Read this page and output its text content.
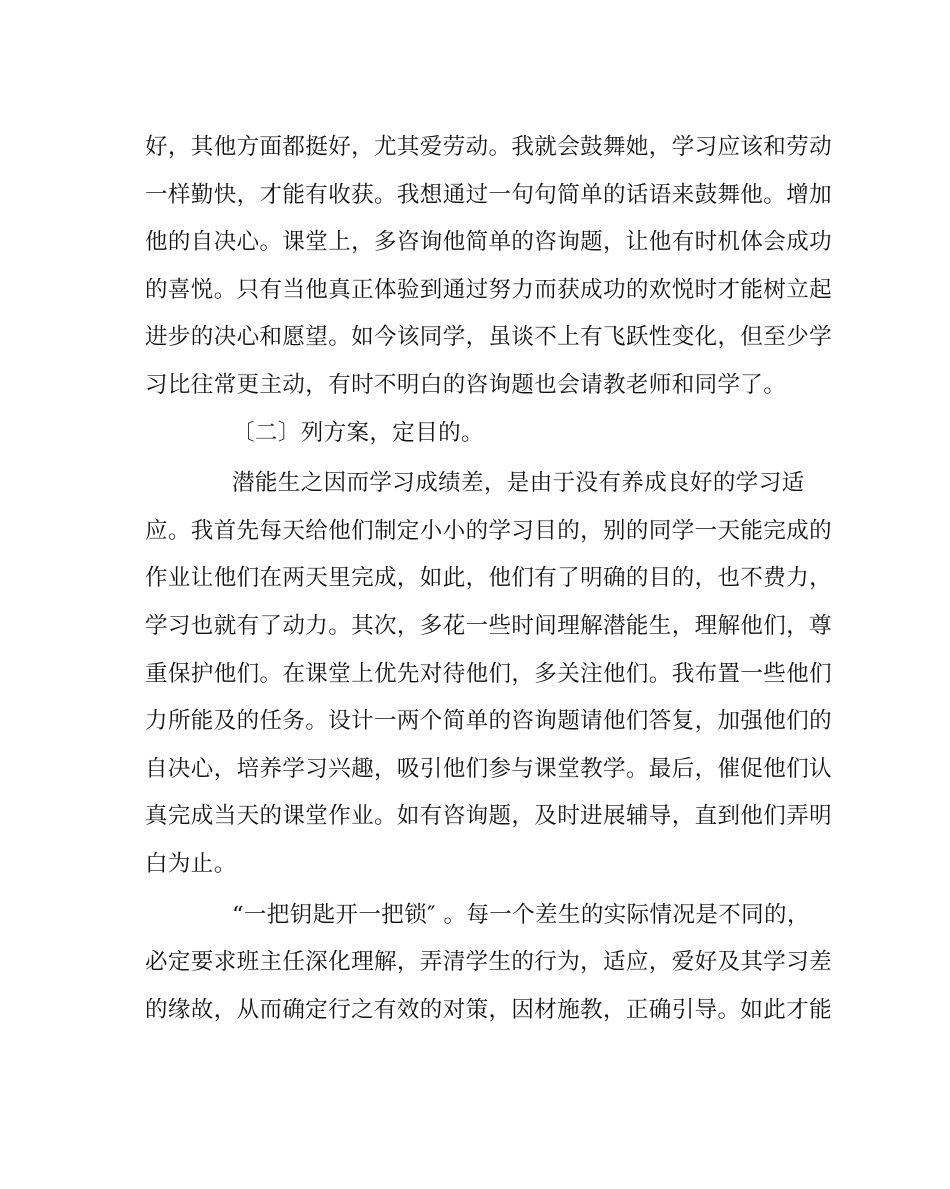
好，其他方面都挺好，尤其爱劳动。我就会鼓舞她，学习应该和劳动
一样勤快，才能有收获。我想通过一句句简单的话语来鼓舞他。增加
他的自决心。课堂上，多咨询他简单的咨询题，让他有时机体会成功
的喜悦。只有当他真正体验到通过努力而获成功的欢悦时才能树立起
进步的决心和愿望。如今该同学，虽谈不上有飞跃性变化，但至少学
习比往常更主动，有时不明白的咨询题也会请教老师和同学了。
〔二〕列方案，定目的。
潜能生之因而学习成绩差，是由于没有养成良好的学习适
应。我首先每天给他们制定小小的学习目的，别的同学一天能完成的
作业让他们在两天里完成，如此，他们有了明确的目的，也不费力，
学习也就有了动力。其次，多花一些时间理解潜能生，理解他们，尊
重保护他们。在课堂上优先对待他们，多关注他们。我布置一些他们
力所能及的任务。设计一两个简单的咨询题请他们答复，加强他们的
自决心，培养学习兴趣，吸引他们参与课堂教学。最后，催促他们认
真完成当天的课堂作业。如有咨询题，及时进展辅导，直到他们弄明
白为止。
“一把钥匙开一把锁″ 。每一个差生的实际情况是不同的，
必定要求班主任深化理解，弄清学生的行为，适应，爱好及其学习差
的缘故，从而确定行之有效的对策，因材施教，正确引导。如此才能
